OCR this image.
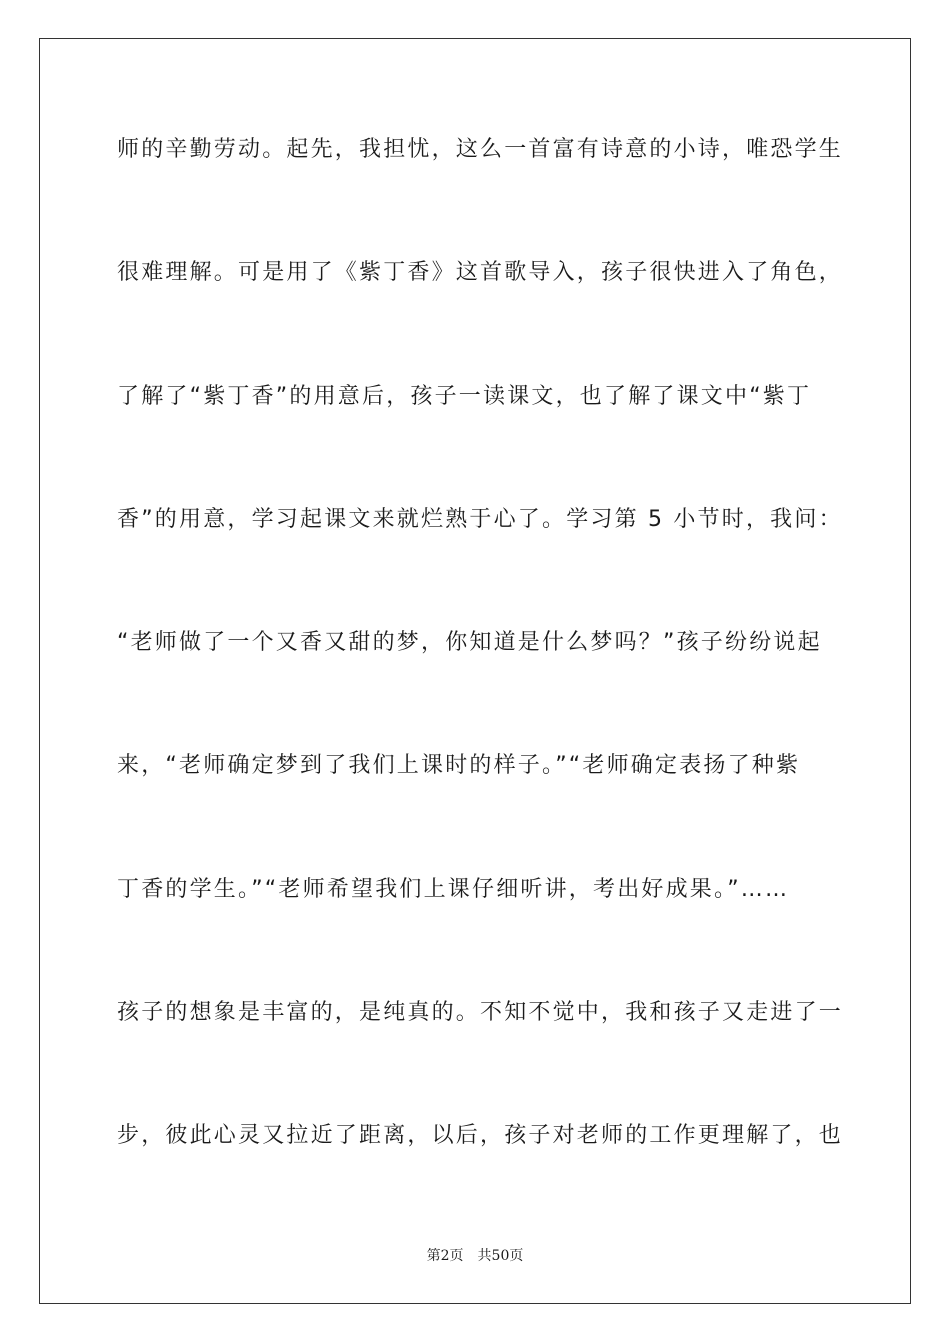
师的辛勤劳动。起先，我担忧，这么一首富有诗意的小诗，唯恐学生
很难理解。可是用了《紫丁香》这首歌导入，孩子很快进入了角色，
了解了“紫丁香”的用意后，孩子一读课文，也了解了课文中“紫丁
香”的用意，学习起课文来就烂熟于心了。学习第 5 小节时，我问：
“老师做了一个又香又甜的梦，你知道是什么梦吗？”孩子纷纷说起
来，“老师确定梦到了我们上课时的样子。”“老师确定表扬了种紫
丁香的学生。”“老师希望我们上课仔细听讲，考出好成果。”……
孩子的想象是丰富的，是纯真的。不知不觉中，我和孩子又走进了一
步，彼此心灵又拉近了距离，以后，孩子对老师的工作更理解了，也
第2页 共50页
